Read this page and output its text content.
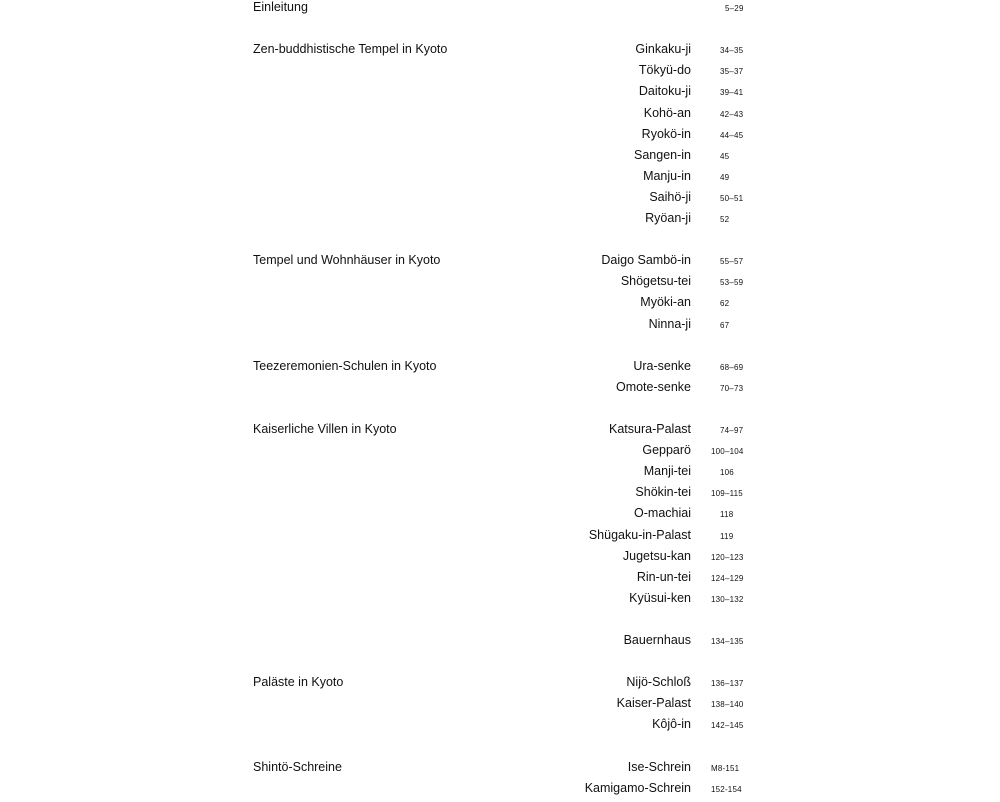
Einleitung	5–29
Zen-buddhistische Tempel in Kyoto	Ginkaku-ji	34–35
Tökyü-do	35–37
Daitoku-ji	39–41
Kohö-an	42–43
Ryokö-in	44–45
Sangen-in	45
Manju-in	49
Saihö-ji	50–51
Ryöan-ji	52
Tempel und Wohnhäuser in Kyoto	Daigo Sambö-in	55–57
Shögetsu-tei	53–59
Myöki-an	62
Ninna-ji	67
Teezeremonien-Schulen in Kyoto	Ura-senke	68–69
Omote-senke	70–73
Kaiserliche Villen in Kyoto	Katsura-Palast	74–97
Gepparö	100–104
Manji-tei	106
Shökin-tei	109–115
O-machiai	118
Shügaku-in-Palast	119
Jugetsu-kan	120–123
Rin-un-tei	124–129
Kyüsui-ken	130–132
Bauernhaus	134–135
Paläste in Kyoto	Nijö-Schloß	136–137
Kaiser-Palast	138–140
Kôjô-in	142–145
Shintö-Schreine	Ise-Schrein	M8-151
Kamigamo-Schrein	152-154
